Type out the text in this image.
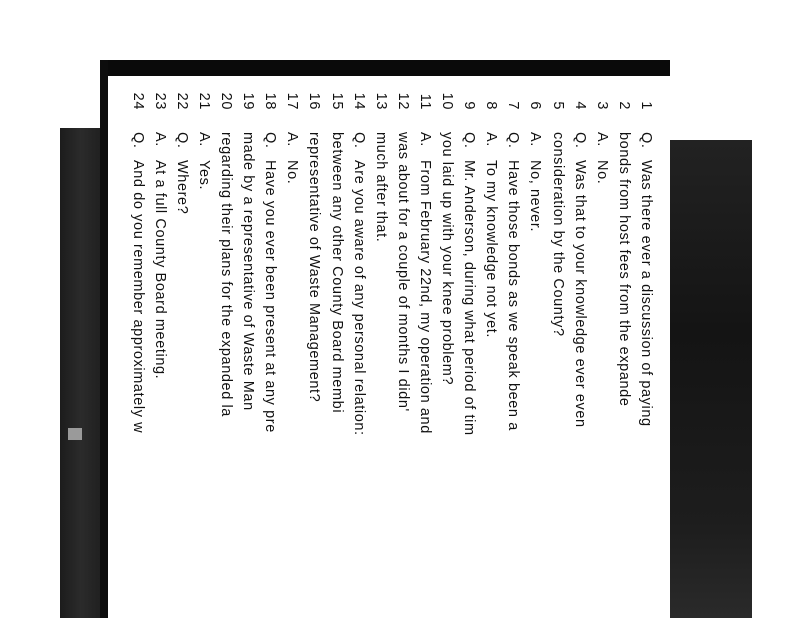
1
Q.
Was there ever a discussion of paying
2
bonds from host fees from the expande
3
A.
No.
4
Q.
Was that to your knowledge ever even
5
consideration by the County?
6
A.
No, never.
7
Q.
Have those bonds as we speak been a
8
A.
To my knowledge not yet.
9
Q.
Mr. Anderson, during what period of tim
10
you laid up with your knee problem?
11
A.
From February 22nd, my operation and
12
was about for a couple of months I didn'
13
much after that.
14
Q.
Are you aware of any personal relation:
15
between any other County Board membi
16
representative of Waste Management?
17
A.
No.
18
Q.
Have you ever been present at any pre
19
made by a representative of Waste Man
20
regarding their plans for the expanded la
21
A.
Yes.
22
Q.
Where?
23
A.
At a full County Board meeting.
24
Q.
And do you remember approximately w
